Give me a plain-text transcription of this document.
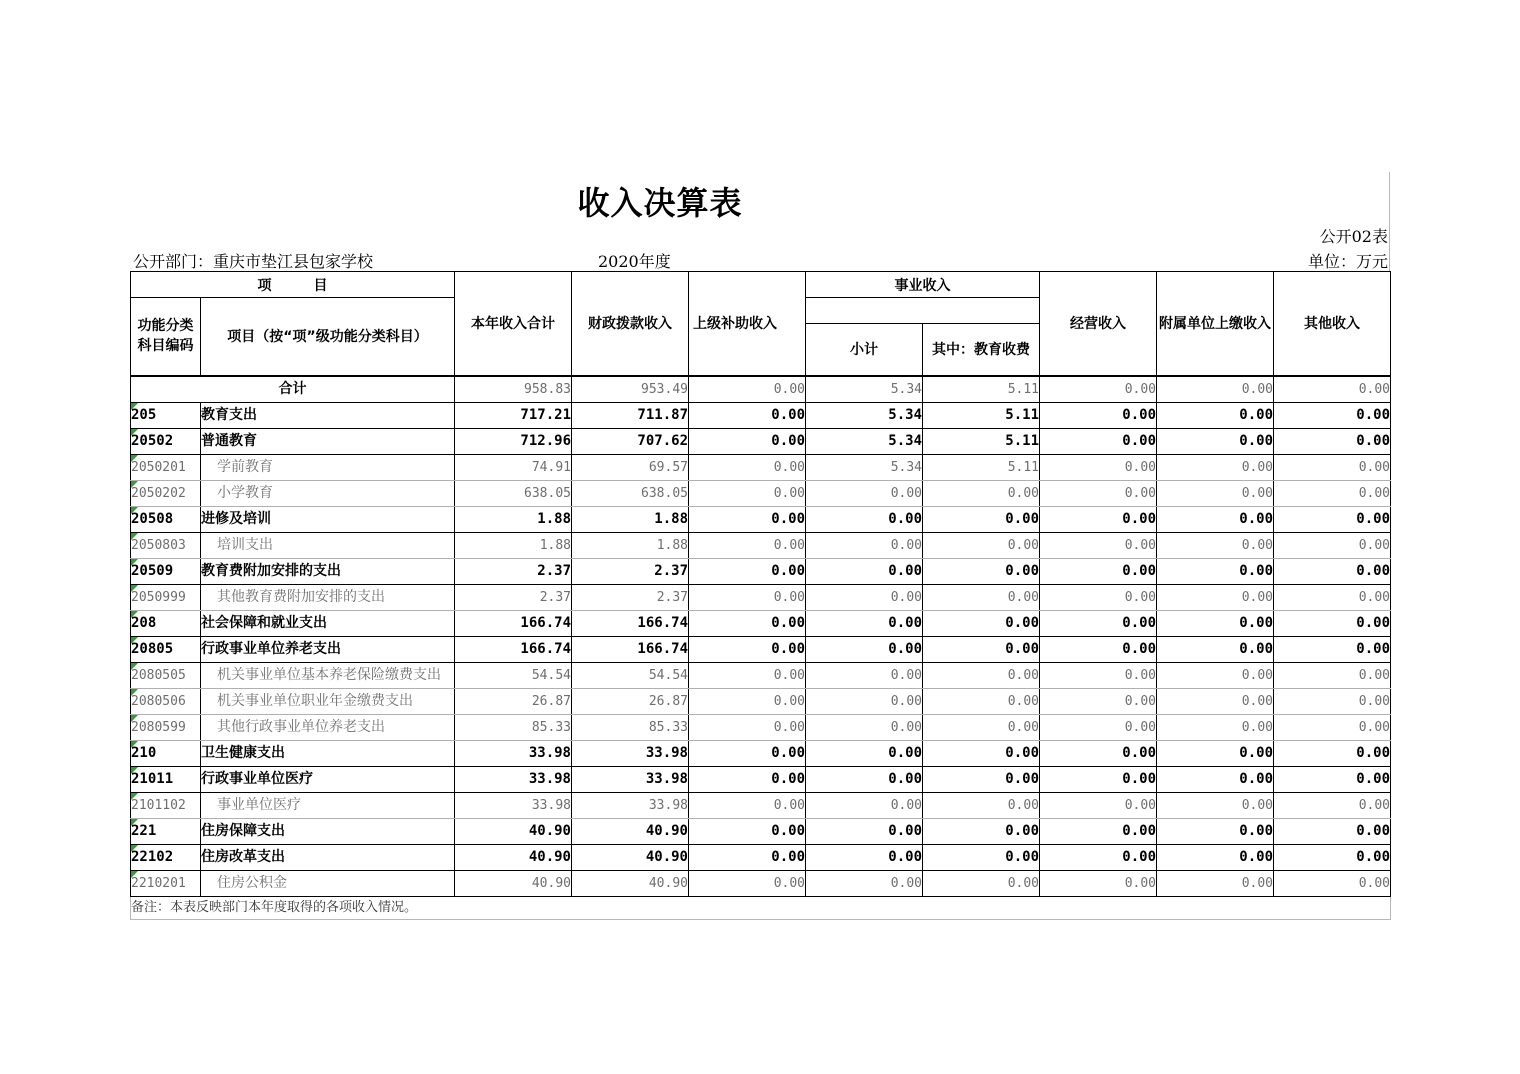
收入决算表
公开02表
公开部门：重庆市垫江县包家学校	2020年度	单位：万元
项　　　目		本年收入合计	财政拨款收入	上级补助收入	事业收入		经营收入	附属单位上缴收入	其他收入
功能分类
科目编码	项目（按“项”级功能分类科目）								
					小计	其中：教育收费			
合计		958.83	953.49	0.00	5.34	5.11	0.00	0.00	0.00

205	教育支出	717.21	711.87	0.00	5.34	5.11	0.00	0.00	0.00

20502	普通教育	712.96	707.62	0.00	5.34	5.11	0.00	0.00	0.00

2050201	学前教育	74.91	69.57	0.00	5.34	5.11	0.00	0.00	0.00

2050202	小学教育	638.05	638.05	0.00	0.00	0.00	0.00	0.00	0.00

20508	进修及培训	1.88	1.88	0.00	0.00	0.00	0.00	0.00	0.00

2050803	培训支出	1.88	1.88	0.00	0.00	0.00	0.00	0.00	0.00

20509	教育费附加安排的支出	2.37	2.37	0.00	0.00	0.00	0.00	0.00	0.00

2050999	其他教育费附加安排的支出	2.37	2.37	0.00	0.00	0.00	0.00	0.00	0.00

208	社会保障和就业支出	166.74	166.74	0.00	0.00	0.00	0.00	0.00	0.00

20805	行政事业单位养老支出	166.74	166.74	0.00	0.00	0.00	0.00	0.00	0.00

2080505	机关事业单位基本养老保险缴费支出	54.54	54.54	0.00	0.00	0.00	0.00	0.00	0.00

2080506	机关事业单位职业年金缴费支出	26.87	26.87	0.00	0.00	0.00	0.00	0.00	0.00

2080599	其他行政事业单位养老支出	85.33	85.33	0.00	0.00	0.00	0.00	0.00	0.00

210	卫生健康支出	33.98	33.98	0.00	0.00	0.00	0.00	0.00	0.00

21011	行政事业单位医疗	33.98	33.98	0.00	0.00	0.00	0.00	0.00	0.00

2101102	事业单位医疗	33.98	33.98	0.00	0.00	0.00	0.00	0.00	0.00

221	住房保障支出	40.90	40.90	0.00	0.00	0.00	0.00	0.00	0.00

22102	住房改革支出	40.90	40.90	0.00	0.00	0.00	0.00	0.00	0.00

2210201	住房公积金	40.90	40.90	0.00	0.00	0.00	0.00	0.00	0.00
备注：本表反映部门本年度取得的各项收入情况。									
